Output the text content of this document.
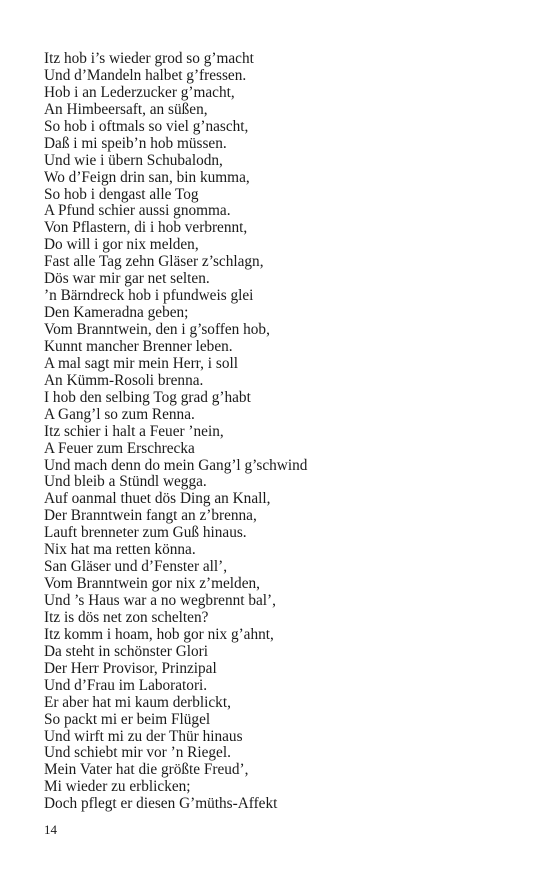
Itz hob i’s wieder grod so g’macht
Und d’Mandeln halbet g’fressen.
Hob i an Lederzucker g’macht,
An Himbeersaft, an süßen,
So hob i oftmals so viel g’nascht,
Daß i mi speib’n hob müssen.
Und wie i übern Schubalodn,
Wo d’Feign drin san, bin kumma,
So hob i dengast alle Tog
A Pfund schier aussi gnomma.
Von Pflastern, di i hob verbrennt,
Do will i gor nix melden,
Fast alle Tag zehn Gläser z’schlagn,
Dös war mir gar net selten.
’n Bärndreck hob i pfundweis glei
Den Kameradna geben;
Vom Branntwein, den i g’soffen hob,
Kunnt mancher Brenner leben.
A mal sagt mir mein Herr, i soll
An Kümm-Rosoli brenna.
I hob den selbing Tog grad g’habt
A Gang’l so zum Renna.
Itz schier i halt a Feuer ’nein,
A Feuer zum Erschrecka
Und mach denn do mein Gang’l g’schwind
Und bleib a Stündl wegga.
Auf oanmal thuet dös Ding an Knall,
Der Branntwein fangt an z’brenna,
Lauft brenneter zum Guß hinaus.
Nix hat ma retten könna.
San Gläser und d’Fenster all’,
Vom Branntwein gor nix z’melden,
Und ’s Haus war a no wegbrennt bal’,
Itz is dös net zon schelten?
Itz komm i hoam, hob gor nix g’ahnt,
Da steht in schönster Glori
Der Herr Provisor, Prinzipal
Und d’Frau im Laboratori.
Er aber hat mi kaum derblickt,
So packt mi er beim Flügel
Und wirft mi zu der Thür hinaus
Und schiebt mir vor ’n Riegel.
Mein Vater hat die größte Freud’,
Mi wieder zu erblicken;
Doch pflegt er diesen G’müths-Affekt
14
